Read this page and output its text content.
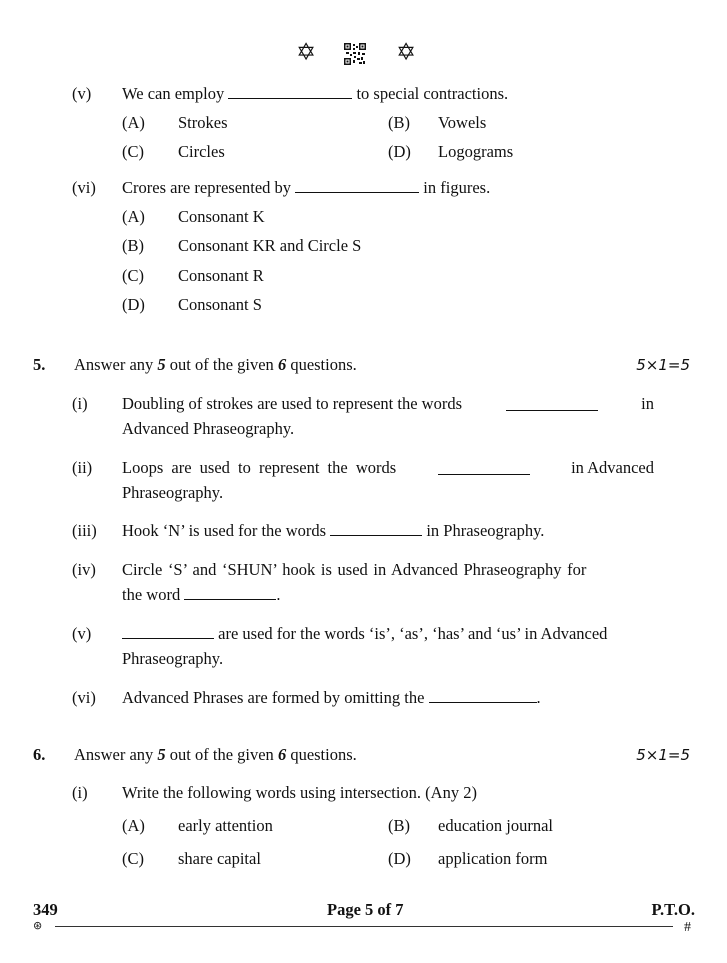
✡	✡
(v) We can employ	to special contractions.
(A) Strokes	(B) Vowels
(C) Circles	(D) Logograms
(vi) Crores are represented by	in figures.
(A) Consonant K
(B) Consonant KR and Circle S
(C) Consonant R
(D) Consonant S
5. Answer any 5 out of the given 6 questions.	5×1=5
(i) Doubling of strokes are used to represent the words	in
Advanced Phraseography.
(ii) Loops are used to represent the words	in Advanced
Phraseography.
(iii) Hook ‘N’ is used for the words	in Phraseography.
(iv) Circle ‘S’ and ‘SHUN’ hook is used in Advanced Phraseography for
the word	.
(v)	are used for the words ‘is’, ‘as’, ‘has’ and ‘us’ in Advanced
Phraseography.
(vi) Advanced Phrases are formed by omitting the	.
6. Answer any 5 out of the given 6 questions.	5×1=5
(i) Write the following words using intersection. (Any 2)
(A) early attention	(B) education journal
(C) share capital	(D) application form
349	Page 5 of 7	P.T.O.
⊛	#
